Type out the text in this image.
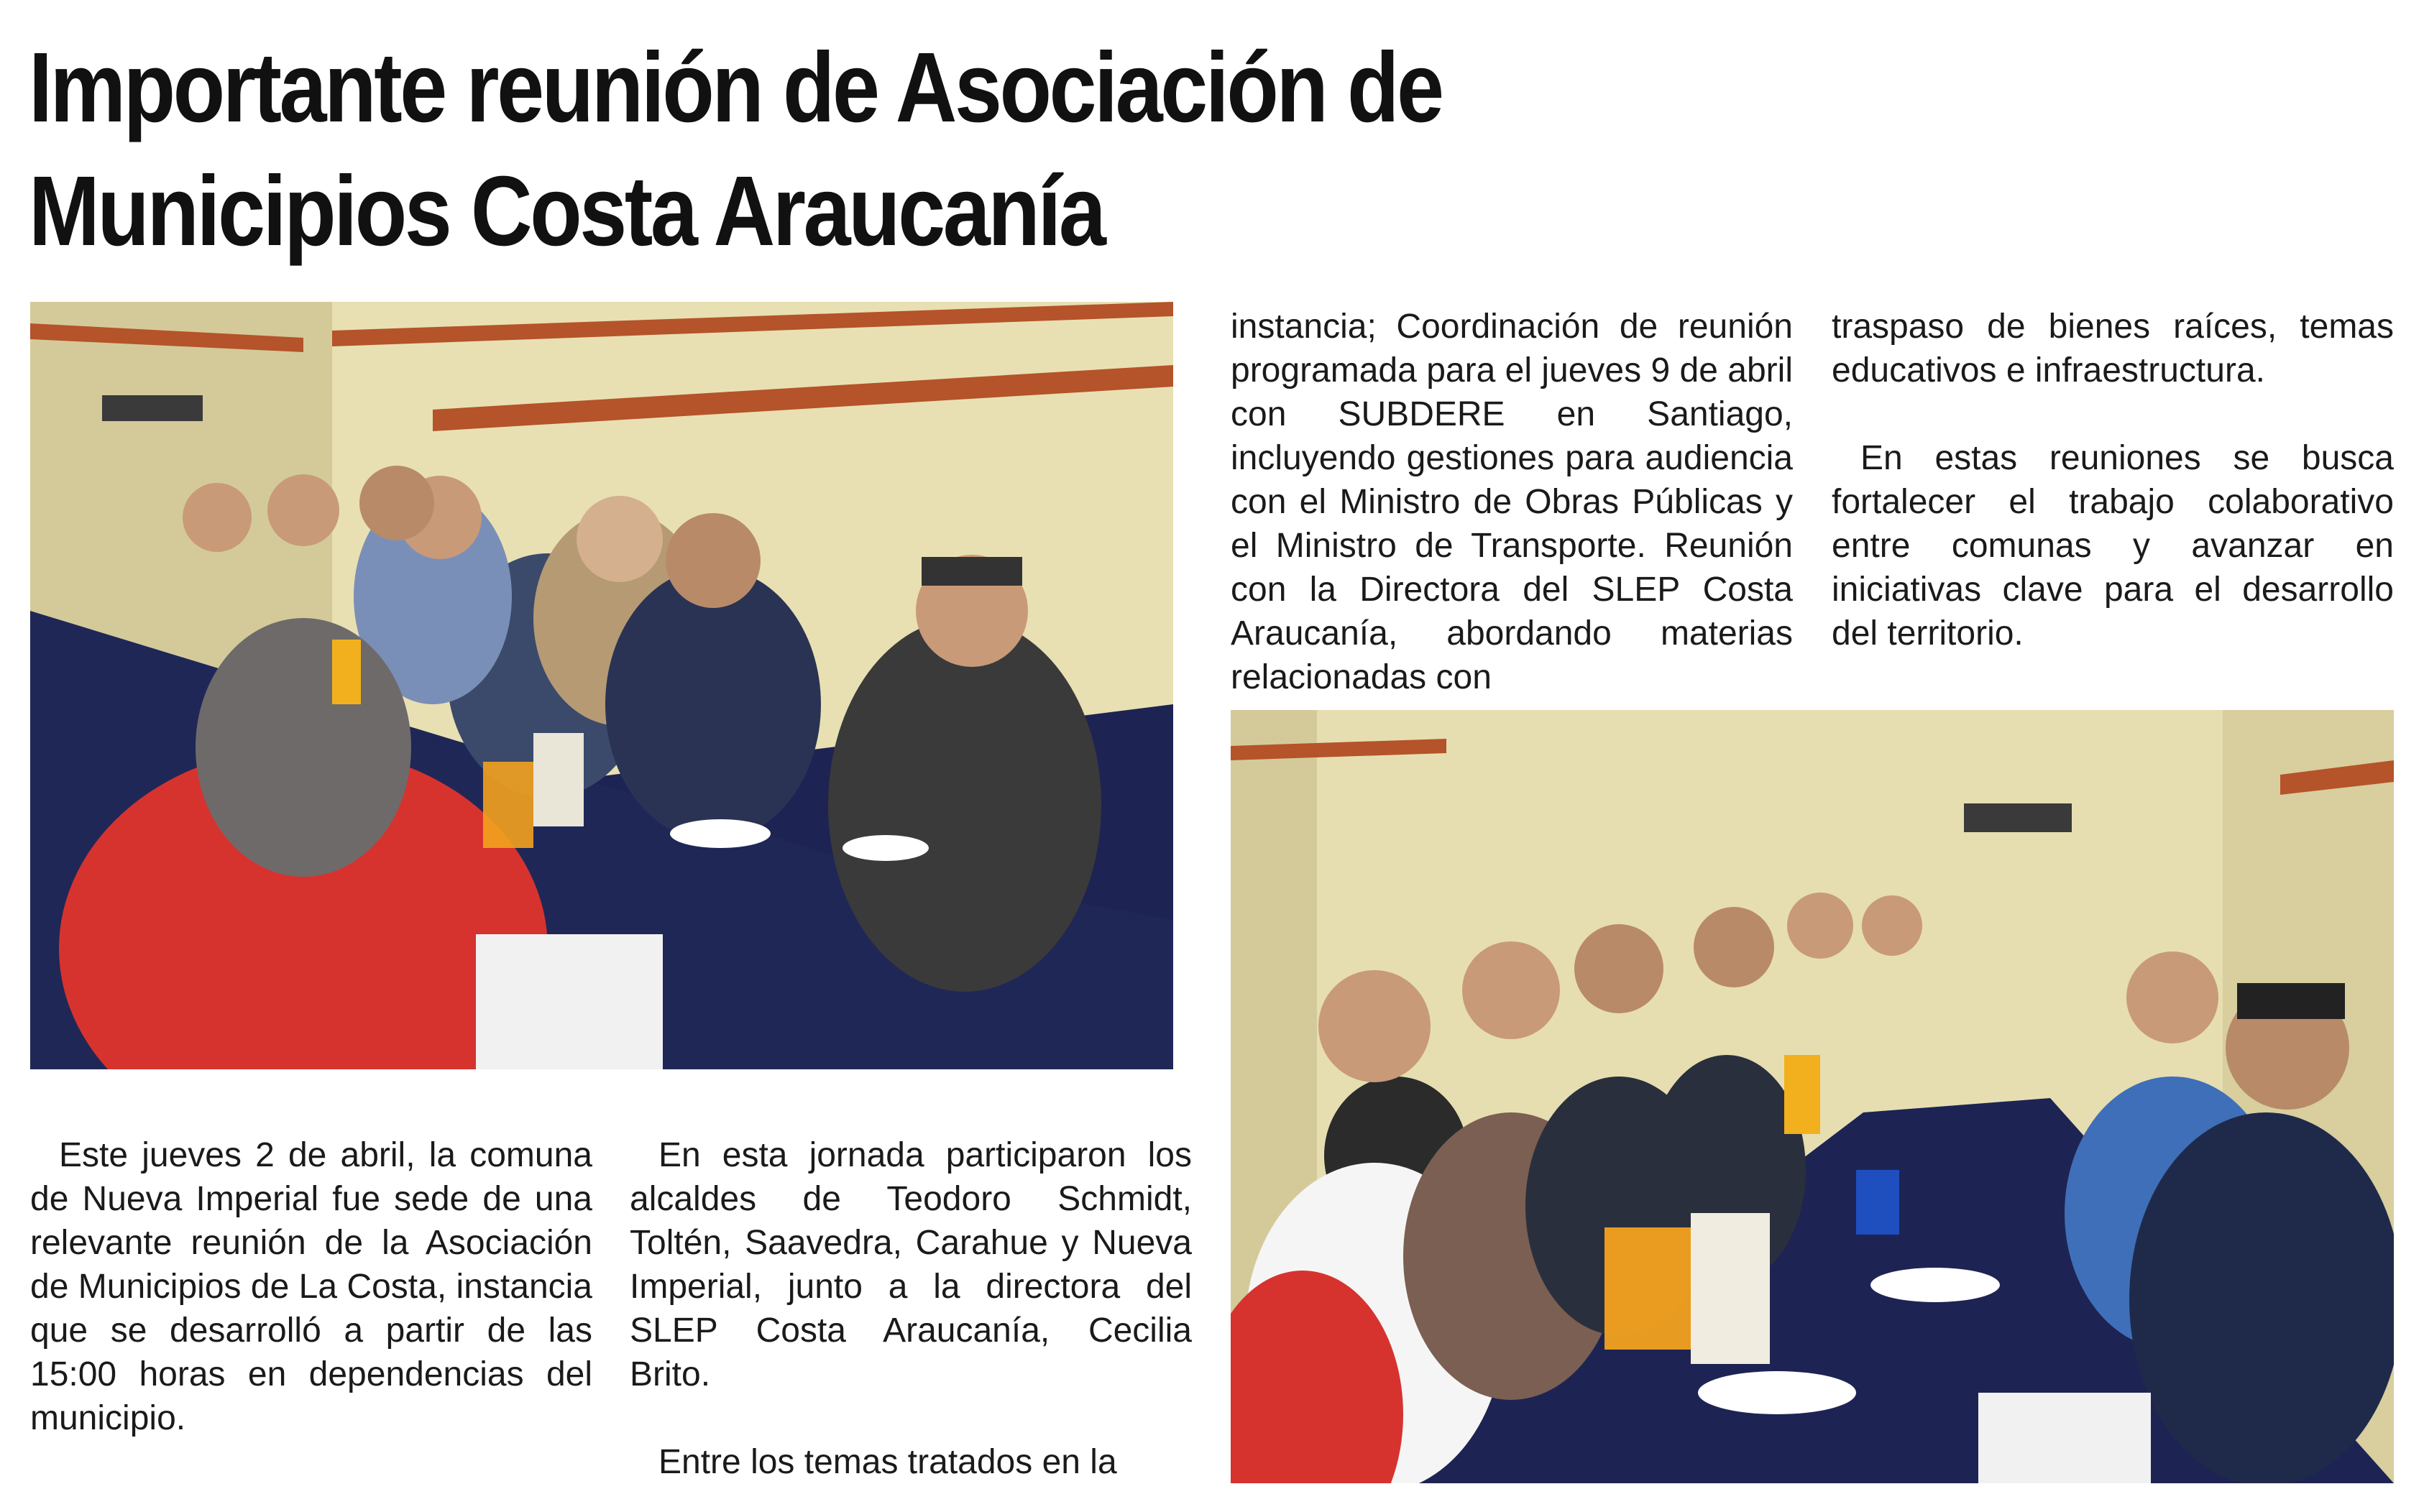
Importante reunión de Asociación de Municipios Costa Araucanía

Este jueves 2 de abril, la comuna de Nueva Imperial fue sede de una relevante reunión de la Asociación de Municipios de La Costa, instancia que se desarrolló a partir de las 15:00 horas en dependencias del municipio.

En esta jornada participaron los alcaldes de Teodoro Schmidt, Toltén, Saavedra, Carahue y Nueva Imperial, junto a la directora del SLEP Costa Araucanía, Cecilia Brito.

Entre los temas tratados en la

instancia; Coordinación de reunión programada para el jueves 9 de abril con SUBDERE en Santiago, incluyendo gestiones para audiencia con el Ministro de Obras Públicas y el Ministro de Transporte. Reunión con la Directora del SLEP Costa Araucanía, abordando materias relacionadas con

traspaso de bienes raíces, temas educativos e infraestructura.

En estas reuniones se busca fortalecer el trabajo colaborativo entre comunas y avanzar en iniciativas clave para el desarrollo del territorio.
